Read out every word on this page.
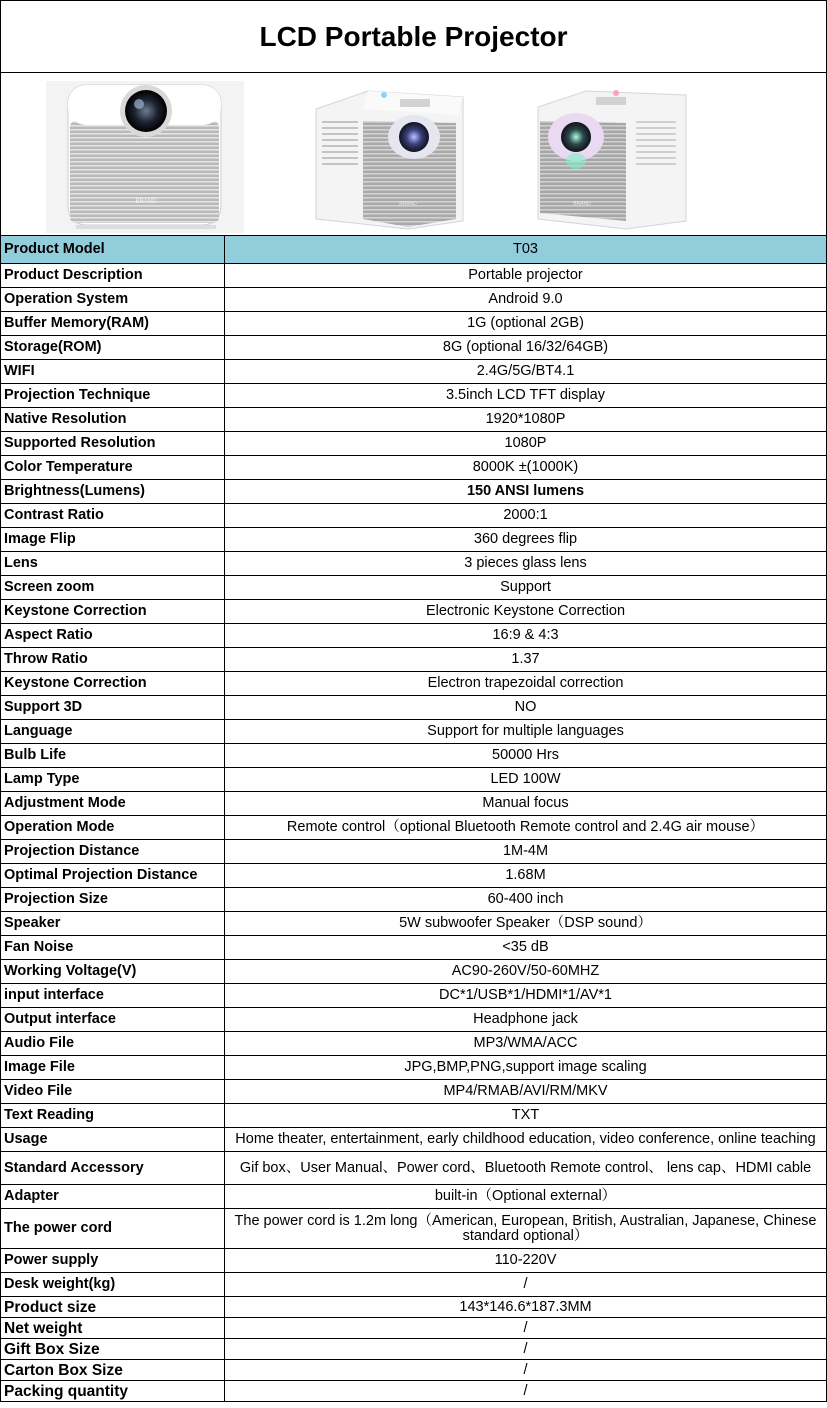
LCD Portable Projector
BRAND	BRAND	BRAND
Product Model	T03
Product Description	Portable projector
Operation System	Android 9.0
Buffer Memory(RAM)	1G (optional 2GB)
Storage(ROM)	8G (optional 16/32/64GB)
WIFI	2.4G/5G/BT4.1
Projection Technique	3.5inch LCD TFT display
Native Resolution	1920*1080P
Supported Resolution	1080P
Color Temperature	8000K ±(1000K)
Brightness(Lumens)	150 ANSI lumens
Contrast Ratio	2000:1
Image Flip	360 degrees flip
Lens	3 pieces glass lens
Screen zoom	Support
Keystone Correction	Electronic Keystone Correction
Aspect Ratio	16:9 & 4:3
Throw Ratio	1.37
Keystone Correction	Electron trapezoidal correction
Support 3D	NO
Language	Support for multiple languages
Bulb Life	50000 Hrs
Lamp Type	LED 100W
Adjustment Mode	Manual focus
Operation Mode	Remote control（optional Bluetooth Remote control and 2.4G air mouse）
Projection Distance	1M-4M
Optimal Projection Distance	1.68M
Projection Size	60-400 inch
Speaker	5W subwoofer Speaker（DSP sound）
Fan Noise	<35 dB
Working Voltage(V)	AC90-260V/50-60MHZ
input interface	DC*1/USB*1/HDMI*1/AV*1
Output interface	Headphone jack
Audio File	MP3/WMA/ACC
Image File	JPG,BMP,PNG,support image scaling
Video File	MP4/RMAB/AVI/RM/MKV
Text Reading	TXT
Usage	Home theater, entertainment, early childhood education, video conference, online teaching
Standard Accessory	Gif box、User Manual、Power cord、Bluetooth Remote control、 lens cap、HDMI cable
Adapter	built-in（Optional external）
The power cord	The power cord is 1.2m long（American, European, British, Australian, Japanese, Chinese standard optional）
Power supply	110-220V
Desk weight(kg)	/
Product size	143*146.6*187.3MM
Net weight	/
Gift Box Size	/
Carton Box Size	/
Packing quantity	/
